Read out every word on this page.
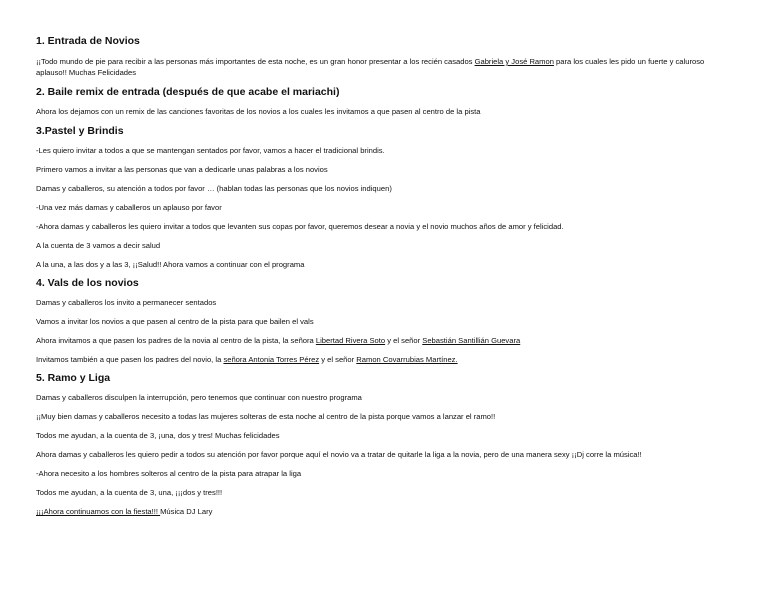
1. Entrada de Novios

¡¡Todo mundo de pie para recibir a las personas más importantes de esta noche, es un gran honor presentar a los recién casados Gabriela y José Ramon para los cuales les pido un fuerte y caluroso aplauso!! Muchas Felicidades

2. Baile remix de entrada (después de que acabe el mariachi)

Ahora los dejamos con un remix de las canciones favoritas de los novios a los cuales les invitamos a que pasen al centro de la pista

3.Pastel y Brindis

-Les quiero invitar a todos a que se mantengan sentados por favor, vamos a hacer el tradicional brindis.

Primero vamos a invitar a las personas que van a dedicarle unas palabras a los novios

Damas y caballeros, su atención a todos por favor … (hablan todas las personas que los novios indiquen)

-Una vez más damas y caballeros un aplauso por favor

-Ahora damas y caballeros les quiero invitar a todos que levanten sus copas por favor, queremos desear a novia y el novio muchos años de amor y felicidad.

A la cuenta de 3 vamos a decir salud

A la una, a las dos y a las 3, ¡¡Salud!! Ahora vamos a continuar con el programa

4. Vals de los novios

Damas y caballeros los invito a permanecer sentados

Vamos a invitar los novios a que pasen al centro de la pista para que bailen el vals

Ahora invitamos a que pasen los padres de la novia al centro de la pista, la señora Libertad Rivera Soto y el señor Sebastián Santillián Guevara

Invitamos también a que pasen los padres del novio, la señora Antonia Torres Pérez y el señor Ramon Covarrubias Martínez.

5. Ramo y Liga

Damas y caballeros disculpen la interrupción, pero tenemos que continuar con nuestro programa

¡¡Muy bien damas y caballeros necesito a todas las mujeres solteras de esta noche al centro de la pista porque vamos a lanzar el ramo!!

Todos me ayudan, a la cuenta de 3, ¡una, dos y tres! Muchas felicidades

Ahora damas y caballeros les quiero pedir a todos su atención por favor porque aquí el novio va a tratar de quitarle la liga a la novia, pero de una manera sexy ¡¡Dj corre la música!!

-Ahora necesito a los hombres solteros al centro de la pista para atrapar la liga

Todos me ayudan, a la cuenta de 3, una, ¡¡¡dos y tres!!!

¡¡¡Ahora continuamos con la fiesta!!! Música DJ Lary
